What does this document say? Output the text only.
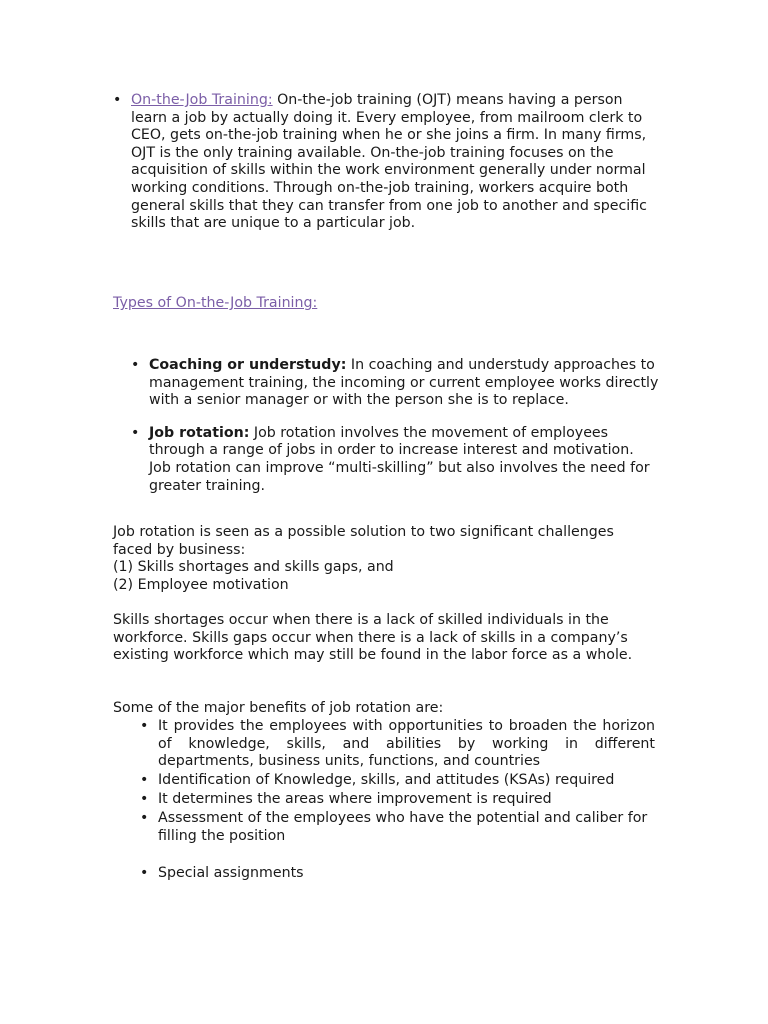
• On-the-Job Training: On-the-job training (OJT) means having a person learn a job by actually doing it. Every employee, from mailroom clerk to CEO, gets on-the-job training when he or she joins a firm. In many firms, OJT is the only training available. On-the-job training focuses on the acquisition of skills within the work environment generally under normal working conditions. Through on-the-job training, workers acquire both general skills that they can transfer from one job to another and specific skills that are unique to a particular job.
Types of On-the-Job Training:
• Coaching or understudy: In coaching and understudy approaches to management training, the incoming or current employee works directly with a senior manager or with the person she is to replace.
• Job rotation: Job rotation involves the movement of employees through a range of jobs in order to increase interest and motivation. Job rotation can improve “multi-skilling” but also involves the need for greater training.
Job rotation is seen as a possible solution to two significant challenges faced by business:
(1) Skills shortages and skills gaps, and
(2) Employee motivation
Skills shortages occur when there is a lack of skilled individuals in the workforce. Skills gaps occur when there is a lack of skills in a company’s existing workforce which may still be found in the labor force as a whole.
Some of the major benefits of job rotation are:
• It provides the employees with opportunities to broaden the horizon of knowledge, skills, and abilities by working in different departments, business units, functions, and countries
• Identification of Knowledge, skills, and attitudes (KSAs) required
• It determines the areas where improvement is required
• Assessment of the employees who have the potential and caliber for filling the position
• Special assignments
